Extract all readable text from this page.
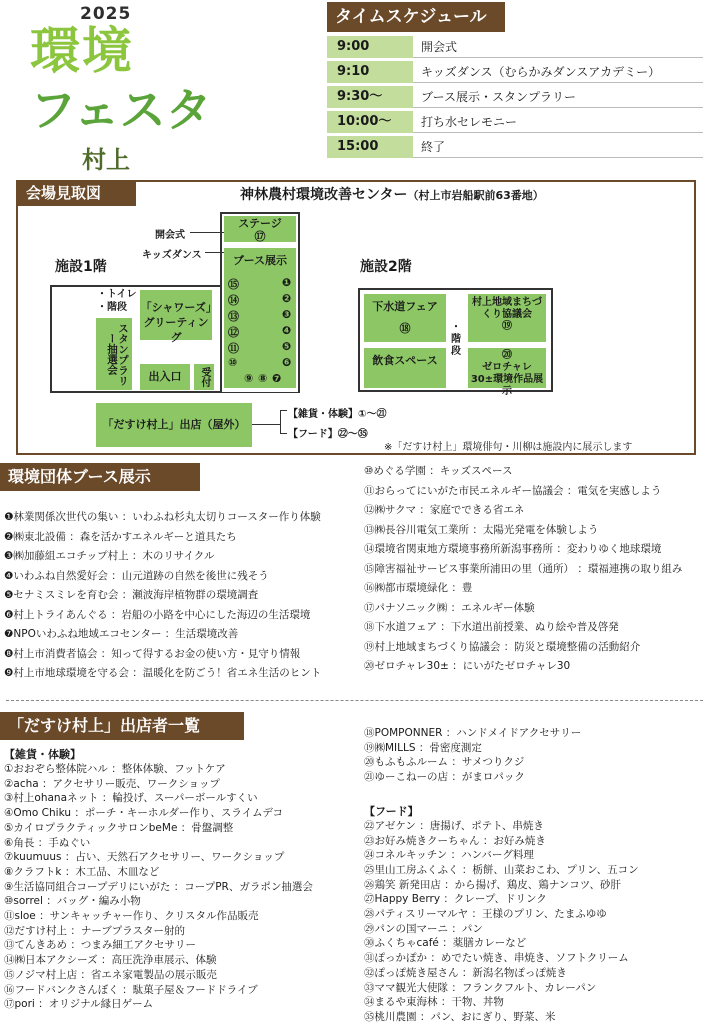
2025
環境
フェスタ
村上
タイムスケジュール
9:00	開会式
9:10	キッズダンス（むらかみダンスアカデミー）
9:30〜	ブース展示・スタンプラリー
10:00〜	打ち水セレモニー
15:00	終了
会場見取図	神林農村環境改善センター（村上市岩船駅前63番地）
施設1階	施設2階
ステージ
⑰
開会式
キッズダンス	ブース展示
⑮
⑭
⑬
⑫
⑪
⑩
⑨ ⑧
❶
❷
❸
❹
❺
❻
❼
・トイレ
・階段
スタンプラリー抽選会
「シャワーズ」グリーティング
出入口	受付
下水道フェア
⑱	・階段
村上地域まちづくり協議会
⑲
飲食スペース	⑳
ゼロチャレ30±環境作品展示
「だすけ村上」出店（屋外）
【雑貨・体験】①〜㉑
【フード】㉒〜㉟
※「だすけ村上」環境俳句・川柳は施設内に展示します
環境団体ブース展示
❶林業関係次世代の集い ：いわふね杉丸太切りコースター作り体験
❷㈱東北設備 ：森を活かすエネルギーと道具たち
❸㈱加藤組エコチップ村上 ：木のリサイクル
❹いわふね自然愛好会 ：山元道跡の自然を後世に残そう
❺セナミスミレを育む会 ：瀬波海岸植物群の環境調査
❻村上トライあんぐる ：岩船の小路を中心にした海辺の生活環境
❼NPOいわふね地域エコセンター ：生活環境改善
❽村上市消費者協会 ：知って得するお金の使い方・見守り情報
❾村上市地球環境を守る会 ：温暖化を防ごう！省エネ生活のヒント
⑩めぐる学園 ：キッズスペース
⑪おらってにいがた市民エネルギー協議会 ：電気を実感しよう
⑫㈱サクマ ：家庭でできる省エネ
⑬㈱長谷川電気工業所 ：太陽光発電を体験しよう
⑭環境省関東地方環境事務所新潟事務所 ：変わりゆく地球環境
⑮障害福祉サービス事業所浦田の里（通所） ：環福連携の取り組み
⑯㈱都市環境緑化 ：豊
⑰パナソニック㈱ ：エネルギー体験
⑱下水道フェア ：下水道出前授業、ぬり絵や普及啓発
⑲村上地域まちづくり協議会 ：防災と環境整備の活動紹介
⑳ゼロチャレ30± ：にいがたゼロチャレ30
「だすけ村上」出店者一覧
【雑貨・体験】
①おおぞら整体院ハル ：整体体験、フットケア
②acha ：アクセサリー販売、ワークショップ
③村上ohanaネット ：輪投げ、スーパーボールすくい
④Omo Chiku ：ポーチ・キーホルダー作り、スライムデコ
⑤カイロプラクティックサロンbeMe ：骨盤調整
⑥角長 ：手ぬぐい
⑦kuumuus ：占い、天然石アクセサリー、ワークショップ
⑧クラフトk ：木工品、木皿など
⑨生活協同組合コープデリにいがた ：コープPR、ガラポン抽選会
⑩sorrel ：バッグ・編み小物
⑪sloe ：サンキャッチャー作り、クリスタル作品販売
⑫だすけ村上 ：ナーブプラスター射的
⑬てんきあめ ：つまみ細工アクセサリー
⑭㈱日本アクシーズ ：高圧洗浄車展示、体験
⑮ノジマ村上店 ：省エネ家電製品の展示販売
⑯フードバンクさんぼく ：駄菓子屋＆フードドライブ
⑰pori ：オリジナル縁日ゲーム
⑱POMPONNER ：ハンドメイドアクセサリー
⑲㈱MILLS ：骨密度測定
⑳もふもふルーム ：サメつりクジ
㉑ゆーこねーの店 ：がまロパック
【フード】
㉒アゼケン ：唐揚げ、ポテト、串焼き
㉓お好み焼きクーちゃん ：お好み焼き
㉔コネルキッチン ：ハンバーグ料理
㉕里山工房ふくふく ：栃餅、山菜おこわ、プリン、五コン
㉖鶏笑 新発田店 ：から揚げ、鶏皮、鶏ナンコツ、砂肝
㉗Happy Berry ：クレープ、ドリンク
㉘パティスリーマルヤ ：王様のプリン、たまふゆゆ
㉙パンの国マーニ ：パン
㉚ふくちゃcafé ：薬膳カレーなど
㉛ぽっかぽか ：めでたい焼き、串焼き、ソフトクリーム
㉜ぽっぽ焼き屋さん ：新潟名物ぽっぽ焼き
㉝ママ観光大使隊 ：フランクフルト、カレーパン
㉞まるや東海林 ：干物、丼物
㉟桃川農園 ：パン、おにぎり、野菜、米
